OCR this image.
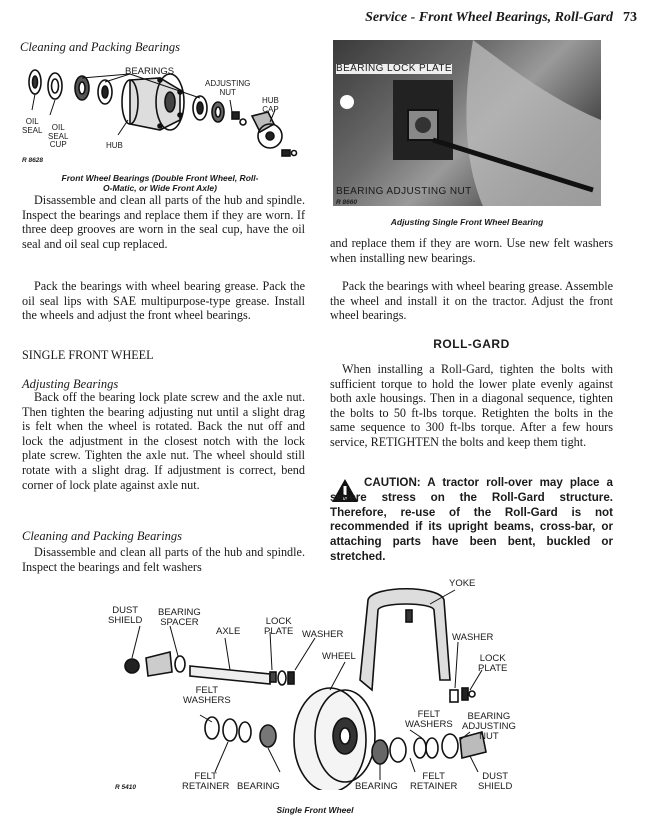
Service - Front Wheel Bearings, Roll-Gard 73
Cleaning and Packing Bearings
BEARINGS
ADJUSTING
NUT
HUB
CAP
OIL
SEAL	OIL
SEAL
CUP	HUB
R 8628
Front Wheel Bearings (Double Front Wheel, Roll-O-Matic, or Wide Front Axle)
BEARING LOCK PLATE
BEARING ADJUSTING NUT
R 8660
Adjusting Single Front Wheel Bearing

Disassemble and clean all parts of the hub and spindle. Inspect the bearings and replace them if they are worn. If three deep grooves are worn in the seal cup, have the oil seal and oil seal cup replaced.

Pack the bearings with wheel bearing grease. Pack the oil seal lips with SAE multipurpose-type grease. Install the wheels and adjust the front wheel bearings.

SINGLE FRONT WHEEL
Adjusting Bearings

Back off the bearing lock plate screw and the axle nut. Then tighten the bearing adjusting nut until a slight drag is felt when the wheel is rotated. Back the nut off and lock the adjustment in the closest notch with the lock plate screw. Tighten the axle nut. The wheel should still rotate with a slight drag. If adjustment is correct, bend corner of lock plate against axle nut.

Cleaning and Packing Bearings

Disassemble and clean all parts of the hub and spindle. Inspect the bearings and felt washers

and replace them if they are worn. Use new felt washers when installing new bearings.

Pack the bearings with wheel bearing grease. Assemble the wheel and install it on the tractor. Adjust the front wheel bearings.

ROLL-GARD

When installing a Roll-Gard, tighten the bolts with sufficient torque to hold the lower plate evenly against both axle housings. Then in a diagonal sequence, tighten the bolts to 50 ft-lbs torque. Retighten the bolts in the same sequence to 300 ft-lbs torque. After a few hours service, RETIGHTEN the bolts and keep them tight.

CAUTION: A tractor roll-over may place a severe stress on the Roll-Gard structure. Therefore, re-use of the Roll-Gard is not recommended if its upright beams, cross-bar, or attaching parts have been bent, buckled or stretched.
YOKE
DUST
SHIELD
BEARING
SPACER
AXLE
LOCK
PLATE WASHER
WHEEL
WASHER
LOCK
PLATE
FELT
WASHERS
FELT
WASHERS
BEARING
ADJUSTING
NUT
FELT
RETAINER BEARING	BEARING
FELT
RETAINER
DUST
SHIELD
R 5410
Single Front Wheel
